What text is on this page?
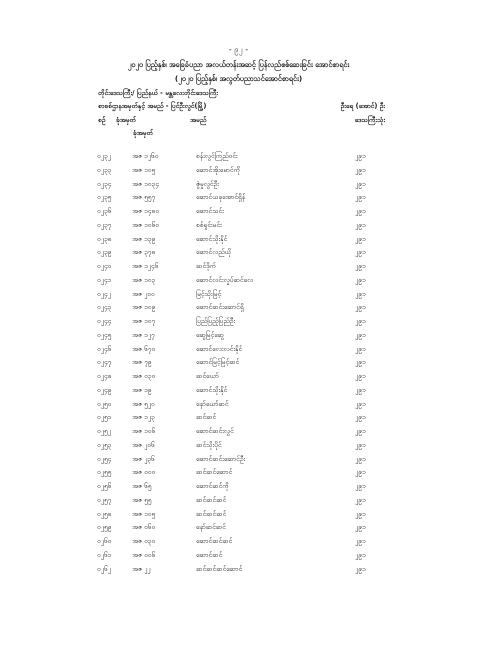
- ၉၂ -
၂၀၂၀ ပြည့်နှစ်၊ အခြေခံပညာ အလယ်တန်းအဆင့် ပြန်လည်စစ်ဆေးခြင်း အောင်စာရင်း
(၂၀၂၀ ပြည့်နှစ်၊ အလွတ်ပညာသင်အောင်စာရင်း)
တိုင်းဒေသကြီး/ ပြည်နယ် - မန္တလေးတိုင်းဒေသကြီး
စာစစ်ဌာနအမှတ်နှင့် အမည် - ပြင်ဦးလွင်(မြို့)	ဦးရေ (အောင်) ဦး
စဉ် ခုံအမှတ်	အမည်	ဒေသကြီးသုံး
ခုံအမှတ်
၀၂၃၂	အဇ ၁၂၆၀	စန်းလွင်ကြည်၀င်း	၂၉၁
၀၂၃၃	အဇ ၁၀၅	ဆောင်အိုးမောင်ကို	၂၉၁
၀၂၃၄	အဇ ၁၀၃၄	ဇွဲမှုလွင်ဦး	၂၉၁
၀၂၃၅	အဇ ၅၅၇	ဆောင်ယခုအောင်ရှိန်	၂၉၁
၀၂၃၆	အဇ ၁၄၈၀	ဆောင်သင်း	၂၉၁
၀၂၃၇	အဇ ၁၀၆၀	စစ်ရှင်းမင်း	၂၉၁
၀၂၃၈	အဇ ၁၃၉	ဆောင်သိုးနိုင်	၂၉၁
၀၂၃၉	အဇ ၃၇၈	ဆောင်လည်ယို	၂၉၁
၀၂၄၀	အဇ ၁၂၄၆	ဆင်ဒိုက်	၂၉၁
၀၂၄၁	အဇ ၁၀၃	ဆောင်လင်းလှုပ်ဆင်လေ	၂၉၁
၀၂၄၂	အဇ ၂၀၀	မြင့်သိုးမြင့်	၂၉၁
၀၂၄၃	အဇ ၁၀၉	ဆောင်ဆင်းဆောင်ရှိ	၂၉၁
၀၂၄၄	အဇ ၁၀၇	ပြည်ပြည့်ပြည်ဦး	၂၉၁
၀၂၄၅	အဇ ၁၂၇	ဆွေမြင့်ဆွေ	၂၉၁
၀၂၄၆	အဇ ၆၇၀	ဆောင်လေးလင်းနိုင်	၂၉၁
၀၂၄၇	အဇ ၇၉	ဆောင်မြင့်မြင့်ဆင်	၂၉၁
၀၂၄၈	အဇ ၀၃၀	ဆင်ယော်	၂၉၁
၀၂၄၉	အဇ ၁၉	ဆောင်သိုးနိုင်	၂၉၁
၀၂၅၀	အဇ ၅၂၀	နော်ယော်ဆင်	၂၉၁
၀၂၅၁	အဇ ၁၂၃	ဆင်ဆင်	၂၉၁
၀၂၅၂	အဇ ၁၀၆	ဆောင်ဆင်းလွင်	၂၉၁
၀၂၅၃	အဇ ၂၀၆	ဆင်သိုးပိုင်	၂၉၁
၀၂၅၄	အဇ ၂၃၆	ဆောင်ဆင်းဆောင်ဦး	၂၉၁
၀၂၅၅	အဇ ၀၀၀	ဆင်ဆင်ဆောင်	၂၉၁
၀၂၅၆	အဇ ၆၅	ဆောင်ဆင်ကို	၂၉၁
၀၂၅၇	အဇ ၅၅	ဆင်ဆင်ဆင်	၂၉၁
၀၂၅၈	အဇ ၁၀၅	ဆင်ဆင်ဆင်	၂၉၁
၀၂၅၉	အဇ ၀၆၀	နော်ဆင်ဆင်	၂၉၁
၀၂၆၀	အဇ ၀၃၀	ဆောင်ဆင်ဆင်	၂၉၁
၀၂၆၁	အဇ ၀၀၆	ဆောင်ဆင်	၂၉၁
၀၂၆၂	အဇ ၂၂	ဆင်ဆင်ဆင်ဆောင်	၂၉၁
